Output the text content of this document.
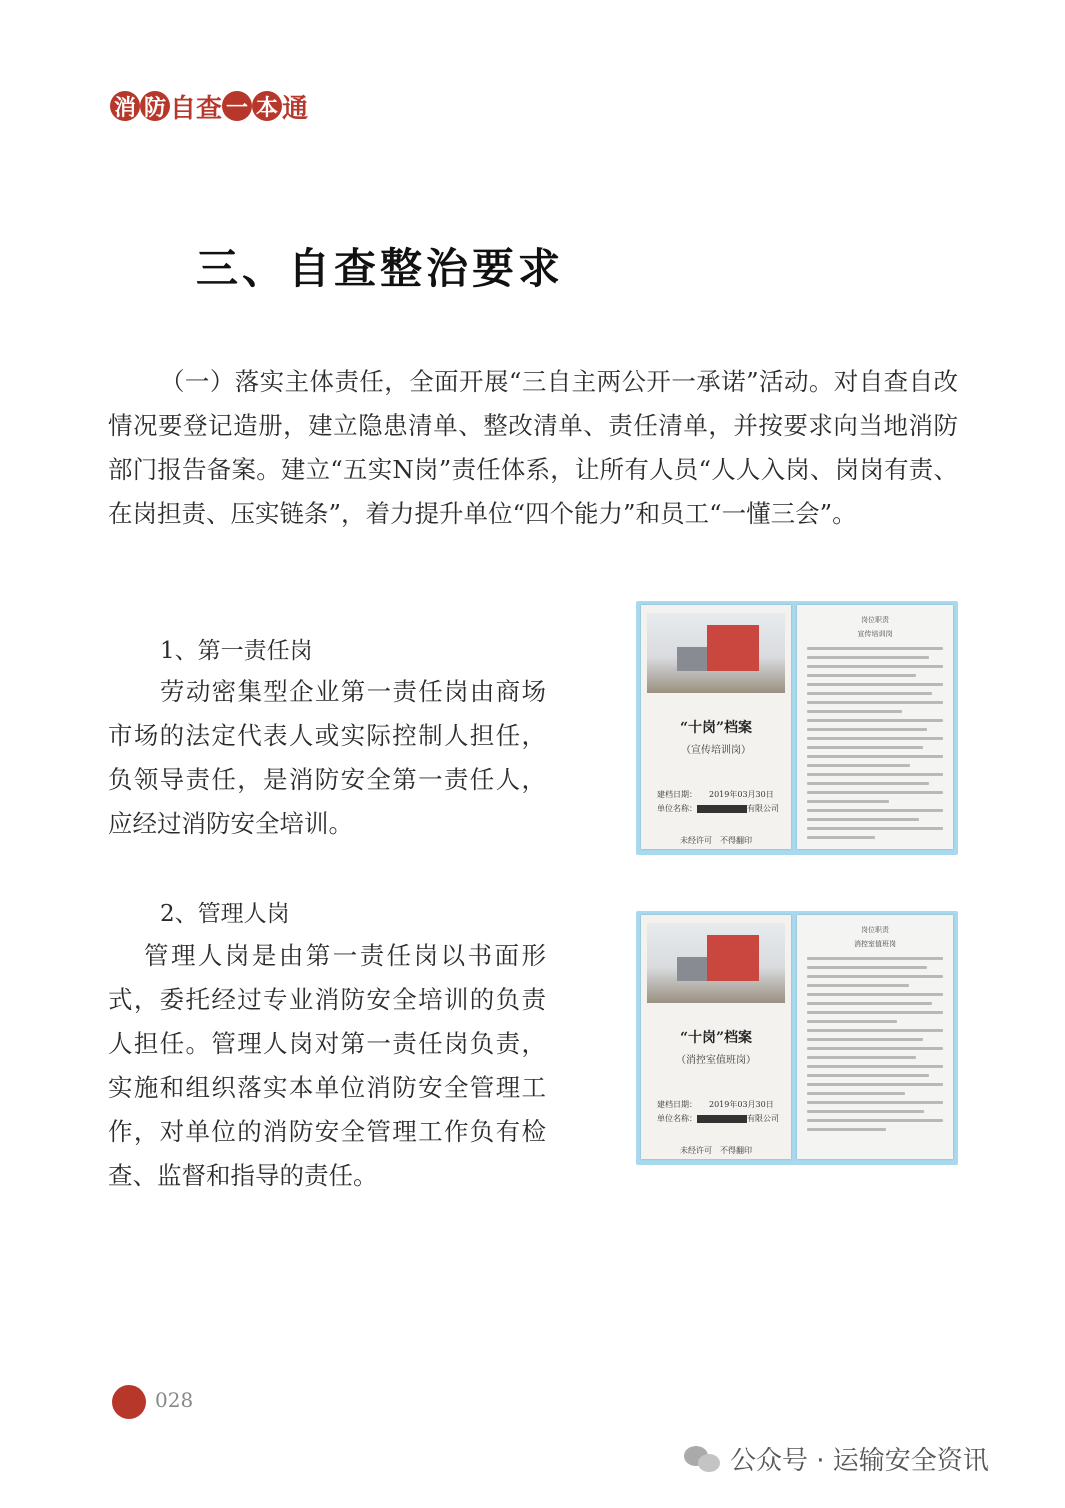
消 防 自 查 一 本 通
三、自查整治要求

（一）落实主体责任，全面开展“三自主两公开一承诺”活动。对自查自改情况要登记造册，建立隐患清单、整改清单、责任清单，并按要求向当地消防部门报告备案。建立“五实N岗”责任体系，让所有人员“人人入岗、岗岗有责、在岗担责、压实链条”，着力提升单位“四个能力”和员工“一懂三会”。

1、第一责任岗

劳动密集型企业第一责任岗由商场市场的法定代表人或实际控制人担任，负领导责任，是消防安全第一责任人，应经过消防安全培训。

2、管理人岗

管理人岗是由第一责任岗以书面形式，委托经过专业消防安全培训的负责人担任。管理人岗对第一责任岗负责，实施和组织落实本单位消防安全管理工作，对单位的消防安全管理工作负有检查、监督和指导的责任。

“十岗”档案
（宣传培训岗）
建档日期：　　2019年03月30日
单位名称：	有限公司
未经许可　不得翻印
岗位职责
宣传培训岗
“十岗”档案
（消控室值班岗）
建档日期：　　2019年03月30日
单位名称：	有限公司
未经许可　不得翻印
岗位职责
消控室值班岗
028
公众号 · 运输安全资讯
